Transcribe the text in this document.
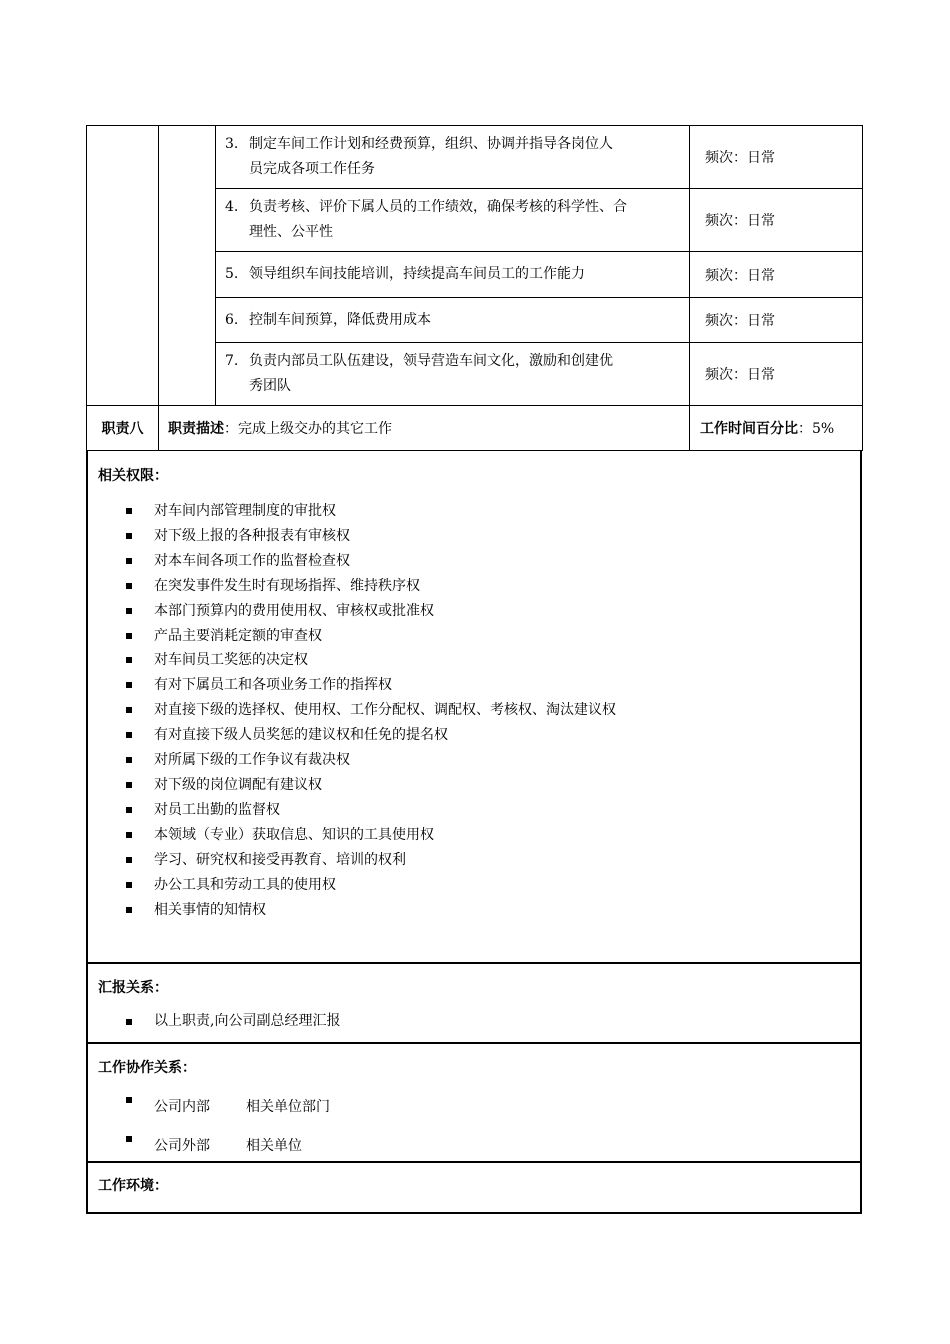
		3. 制定车间工作计划和经费预算，组织、协调并指导各岗位人
员完成各项工作任务	频次：日常

		4. 负责考核、评价下属人员的工作绩效，确保考核的科学性、合
理性、公平性	频次：日常

		5. 领导组织车间技能培训，持续提高车间员工的工作能力	频次：日常

		6. 控制车间预算，降低费用成本	频次：日常

		7. 负责内部员工队伍建设，领导营造车间文化，激励和创建优
秀团队	频次：日常
职责八	职责描述：完成上级交办的其它工作		工作时间百分比：5%
相关权限：
对车间内部管理制度的审批权
对下级上报的各种报表有审核权
对本车间各项工作的监督检查权
在突发事件发生时有现场指挥、维持秩序权
本部门预算内的费用使用权、审核权或批准权
产品主要消耗定额的审查权
对车间员工奖惩的决定权
有对下属员工和各项业务工作的指挥权
对直接下级的选择权、使用权、工作分配权、调配权、考核权、淘汰建议权
有对直接下级人员奖惩的建议权和任免的提名权
对所属下级的工作争议有裁决权
对下级的岗位调配有建议权
对员工出勤的监督权
本领域（专业）获取信息、知识的工具使用权
学习、研究权和接受再教育、培训的权利
办公工具和劳动工具的使用权
相关事情的知情权
汇报关系：
以上职责,向公司副总经理汇报
工作协作关系：
公司内部	相关单位部门
公司外部	相关单位
工作环境：
